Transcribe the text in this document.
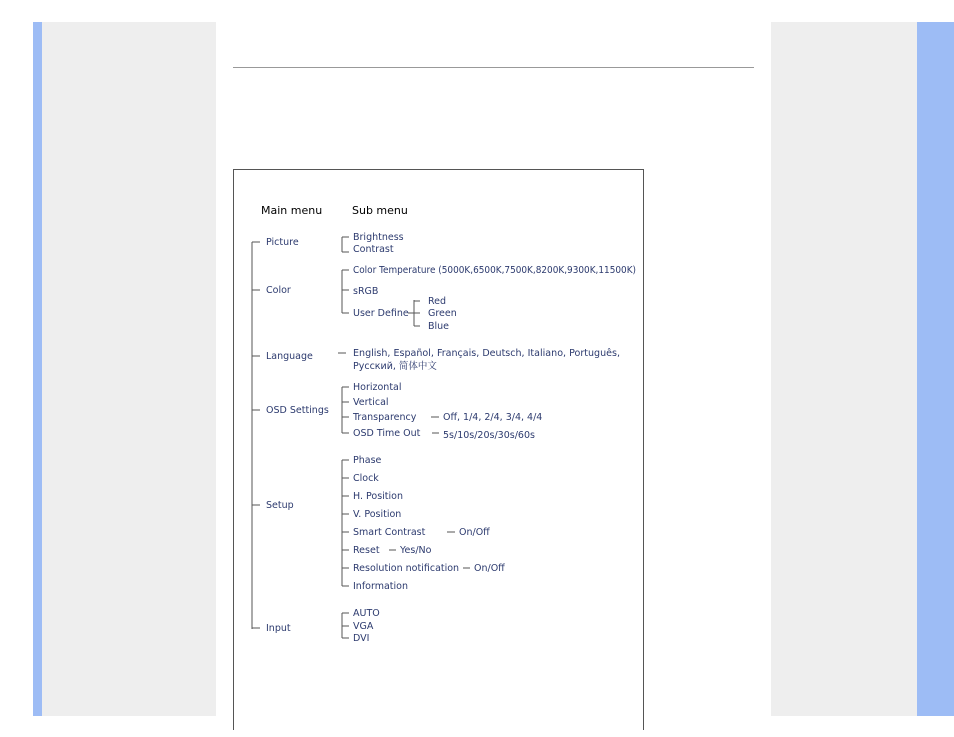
Main menu	Sub menu
Picture	Brightness
Contrast
Color
Color Temperature (5000K,6500K,7500K,8200K,9300K,11500K)
sRGB
User Define
Red
Green
Blue
Language	English, Español, Français, Deutsch, Italiano, Português,
Русский, 简体中文
OSD Settings
Horizontal
Vertical
Transparency	Off, 1/4, 2/4, 3/4, 4/4
OSD Time Out 5s/10s/20s/30s/60s
Setup
Phase
Clock
H. Position
V. Position
Smart Contrast	On/Off
Reset Yes/No
Resolution notification On/Off
Information
Input
AUTO
VGA
DVI
